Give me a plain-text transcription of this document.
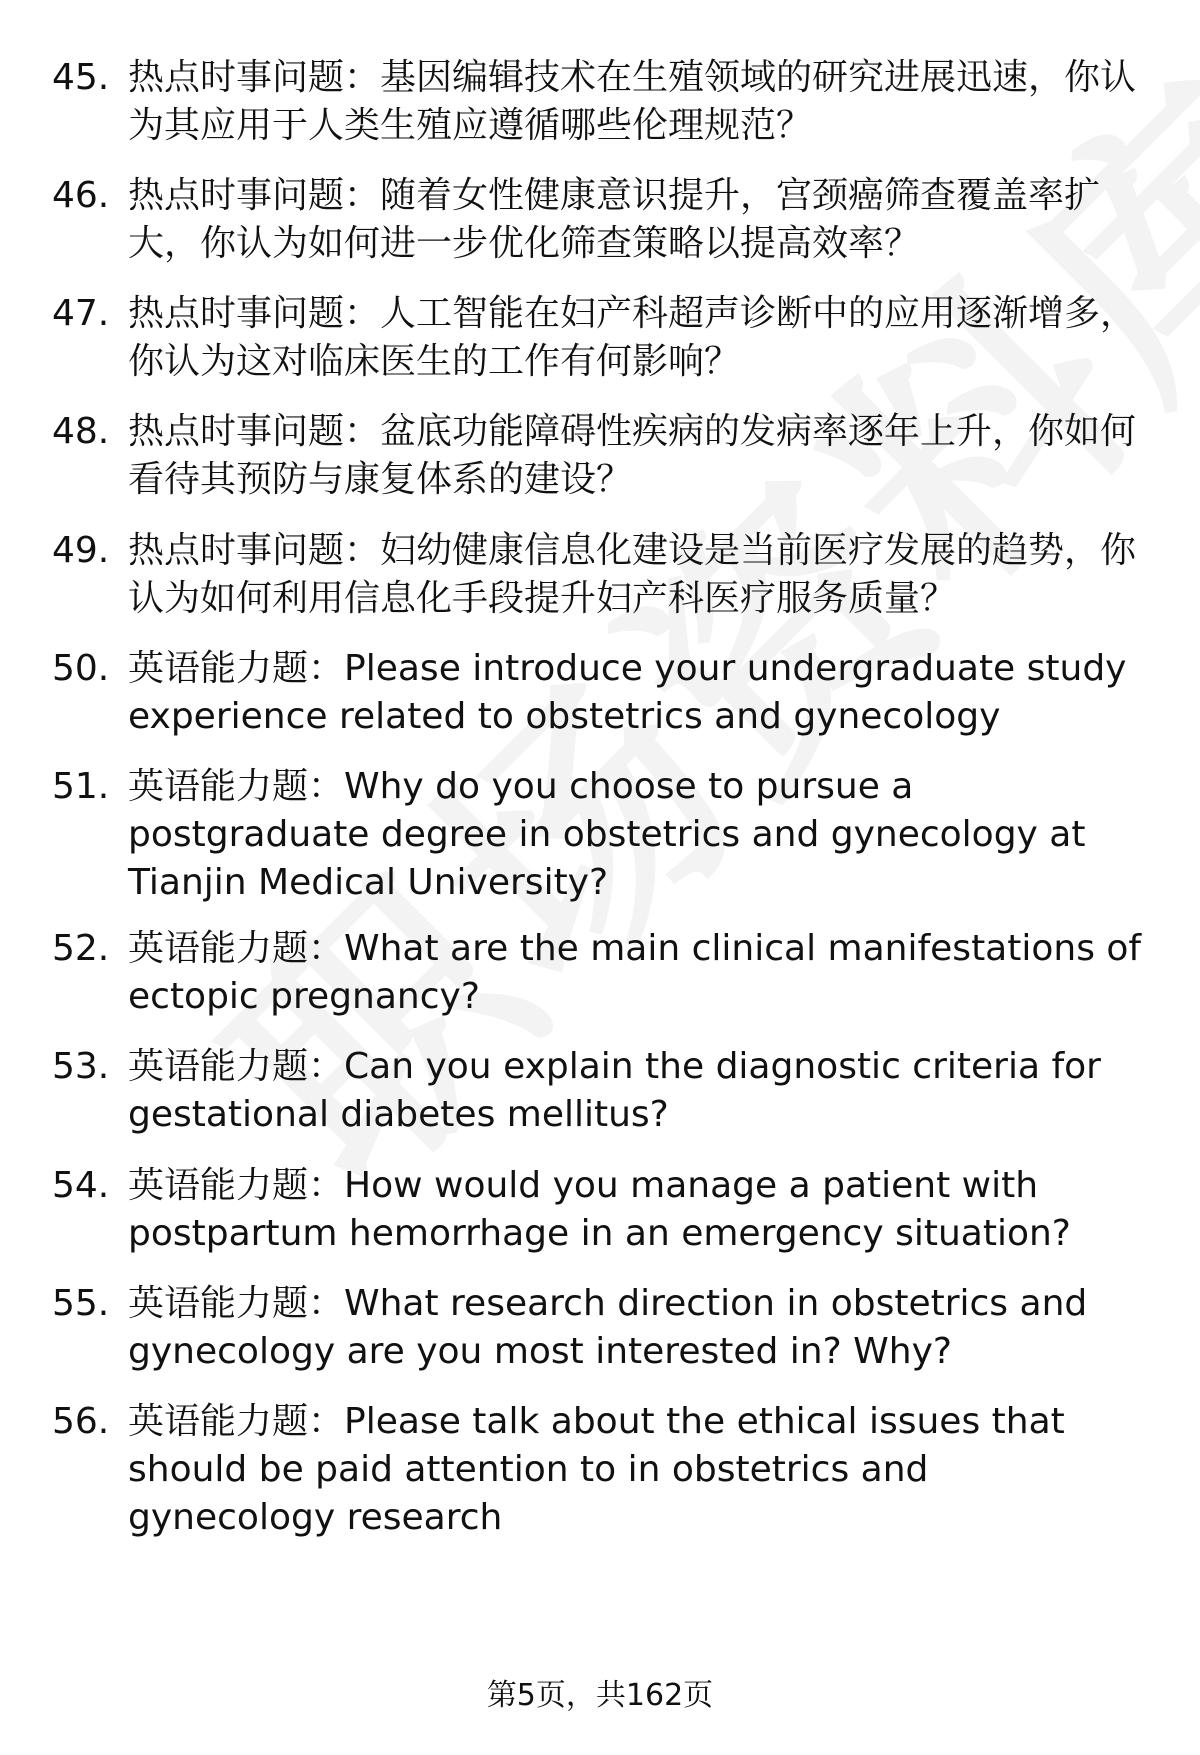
45. 热点时事问题：基因编辑技术在生殖领域的研究进展迅速，你认为其应用于人类生殖应遵循哪些伦理规范？
46. 热点时事问题：随着女性健康意识提升，宫颈癌筛查覆盖率扩大，你认为如何进一步优化筛查策略以提高效率？
47. 热点时事问题：人工智能在妇产科超声诊断中的应用逐渐增多，你认为这对临床医生的工作有何影响？
48. 热点时事问题：盆底功能障碍性疾病的发病率逐年上升，你如何看待其预防与康复体系的建设？
49. 热点时事问题：妇幼健康信息化建设是当前医疗发展的趋势，你认为如何利用信息化手段提升妇产科医疗服务质量？
50. 英语能力题：Please introduce your undergraduate study experience related to obstetrics and gynecology
51. 英语能力题：Why do you choose to pursue a postgraduate degree in obstetrics and gynecology at Tianjin Medical University?
52. 英语能力题：What are the main clinical manifestations of ectopic pregnancy?
53. 英语能力题：Can you explain the diagnostic criteria for gestational diabetes mellitus?
54. 英语能力题：How would you manage a patient with postpartum hemorrhage in an emergency situation?
55. 英语能力题：What research direction in obstetrics and gynecology are you most interested in? Why?
56. 英语能力题：Please talk about the ethical issues that should be paid attention to in obstetrics and gynecology research
第5页，共162页
